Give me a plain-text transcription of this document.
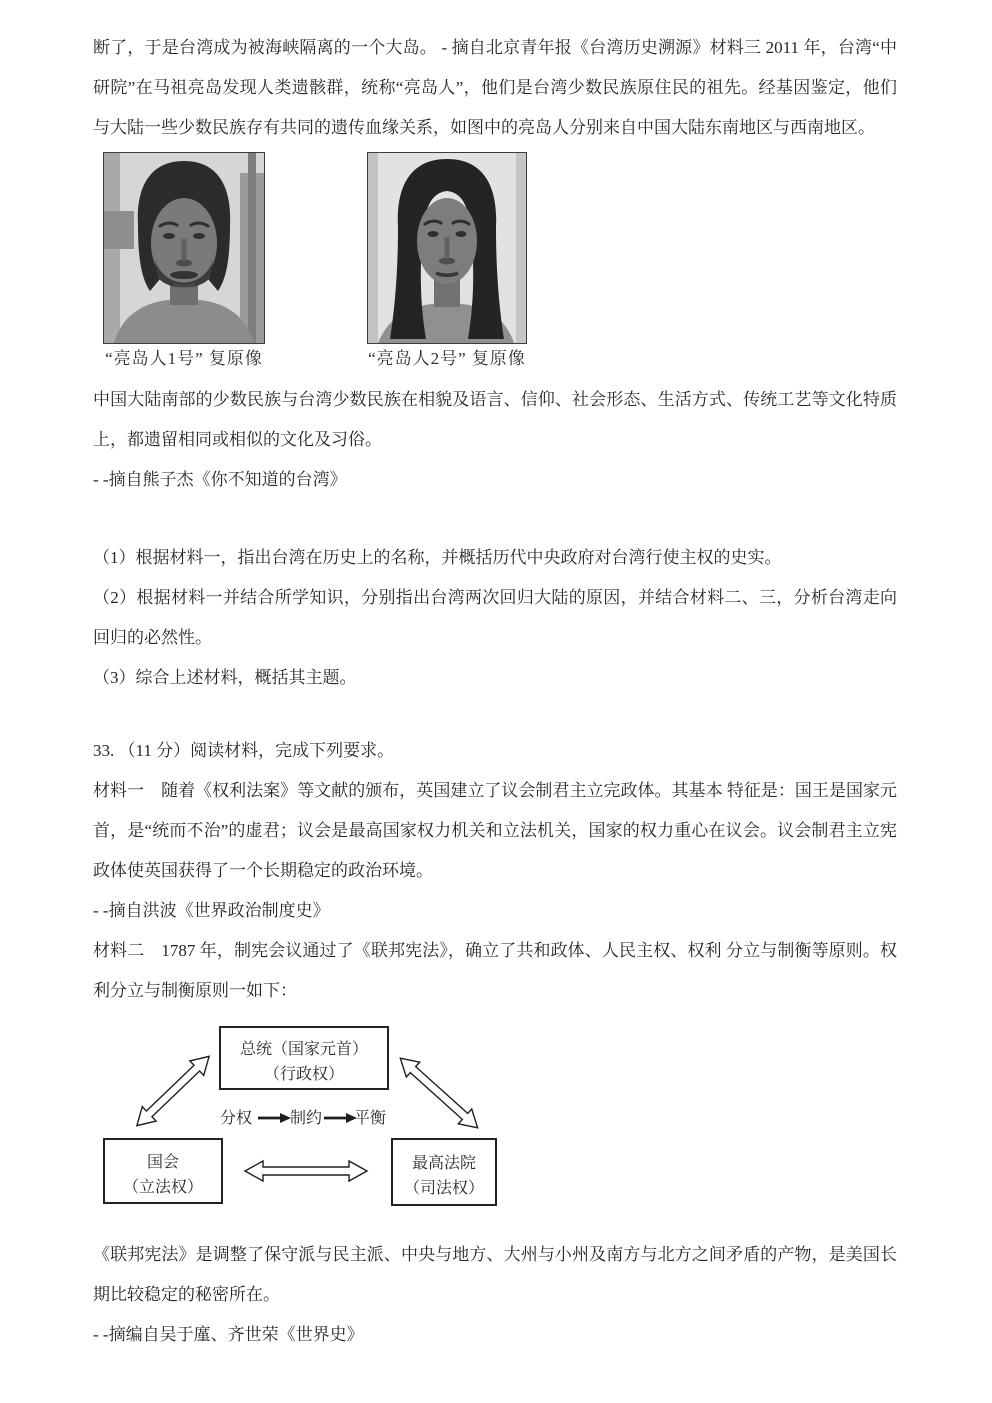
断了，于是台湾成为被海峡隔离的一个大岛。 - 摘自北京青年报《台湾历史溯源》材料三 2011 年，台湾“中研院”在马祖亮岛发现人类遗骸群，统称“亮岛人”，他们是台湾少数民族原住民的祖先。经基因鉴定，他们与大陆一些少数民族存有共同的遗传血缘关系，如图中的亮岛人分别来自中国大陆东南地区与西南地区。

“亮岛人1号” 复原像	“亮岛人2号” 复原像

中国大陆南部的少数民族与台湾少数民族在相貌及语言、信仰、社会形态、生活方式、传统工艺等文化特质上，都遗留相同或相似的文化及习俗。

- -摘自熊子杰《你不知道的台湾》

（1）根据材料一，指出台湾在历史上的名称，并概括历代中央政府对台湾行使主权的史实。

（2）根据材料一并结合所学知识，分别指出台湾两次回归大陆的原因，并结合材料二、三，分析台湾走向回归的必然性。

（3）综合上述材料，概括其主题。

33. （11 分）阅读材料，完成下列要求。

材料一　随着《权利法案》等文献的颁布，英国建立了议会制君主立完政体。其基本 特征是：国王是国家元首，是“统而不治”的虚君；议会是最高国家权力机关和立法机关，国家的权力重心在议会。议会制君主立宪政体使英国获得了一个长期稳定的政治环境。

- -摘自洪波《世界政治制度史》

材料二　1787 年，制宪会议通过了《联邦宪法》，确立了共和政体、人民主权、权利 分立与制衡等原则。权利分立与制衡原则一如下：

总统（国家元首）
（行政权）
分权 制约 平衡
国会
（立法权）
最高法院
（司法权）

《联邦宪法》是调整了保守派与民主派、中央与地方、大州与小州及南方与北方之间矛盾的产物，是美国长期比较稳定的秘密所在。

- -摘编自吴于廑、齐世荣《世界史》
